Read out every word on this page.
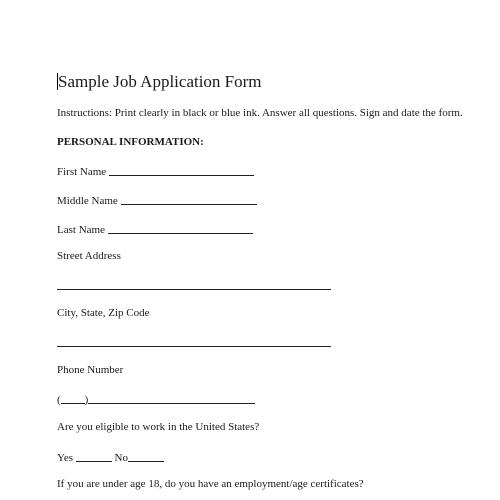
Sample Job Application Form
Instructions: Print clearly in black or blue ink. Answer all questions. Sign and date the form.
PERSONAL INFORMATION:
First Name
Middle Name
Last Name
Street Address
City, State, Zip Code
Phone Number
( )
Are you eligible to work in the United States?
Yes	No
If you are under age 18, do you have an employment/age certificates?
